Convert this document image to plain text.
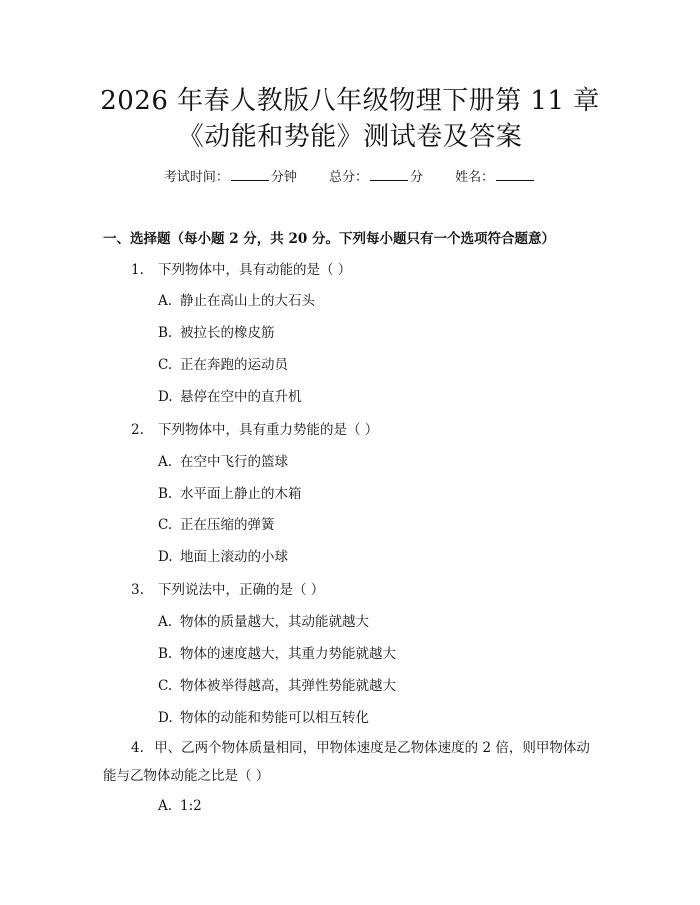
2026 年春人教版八年级物理下册第 11 章
《动能和势能》测试卷及答案
考试时间：	分钟 总分：	分 姓名：
一、选择题（每小题 2 分，共 20 分。下列每小题只有一个选项符合题意）
1. 下列物体中，具有动能的是（ ）
A. 静止在高山上的大石头
B. 被拉长的橡皮筋
C. 正在奔跑的运动员
D. 悬停在空中的直升机
2. 下列物体中，具有重力势能的是（ ）
A. 在空中飞行的篮球
B. 水平面上静止的木箱
C. 正在压缩的弹簧
D. 地面上滚动的小球
3. 下列说法中，正确的是（ ）
A. 物体的质量越大，其动能就越大
B. 物体的速度越大，其重力势能就越大
C. 物体被举得越高，其弹性势能就越大
D. 物体的动能和势能可以相互转化
4. 甲、乙两个物体质量相同，甲物体速度是乙物体速度的 2 倍，则甲物体动
能与乙物体动能之比是（ ）
A. 1:2
